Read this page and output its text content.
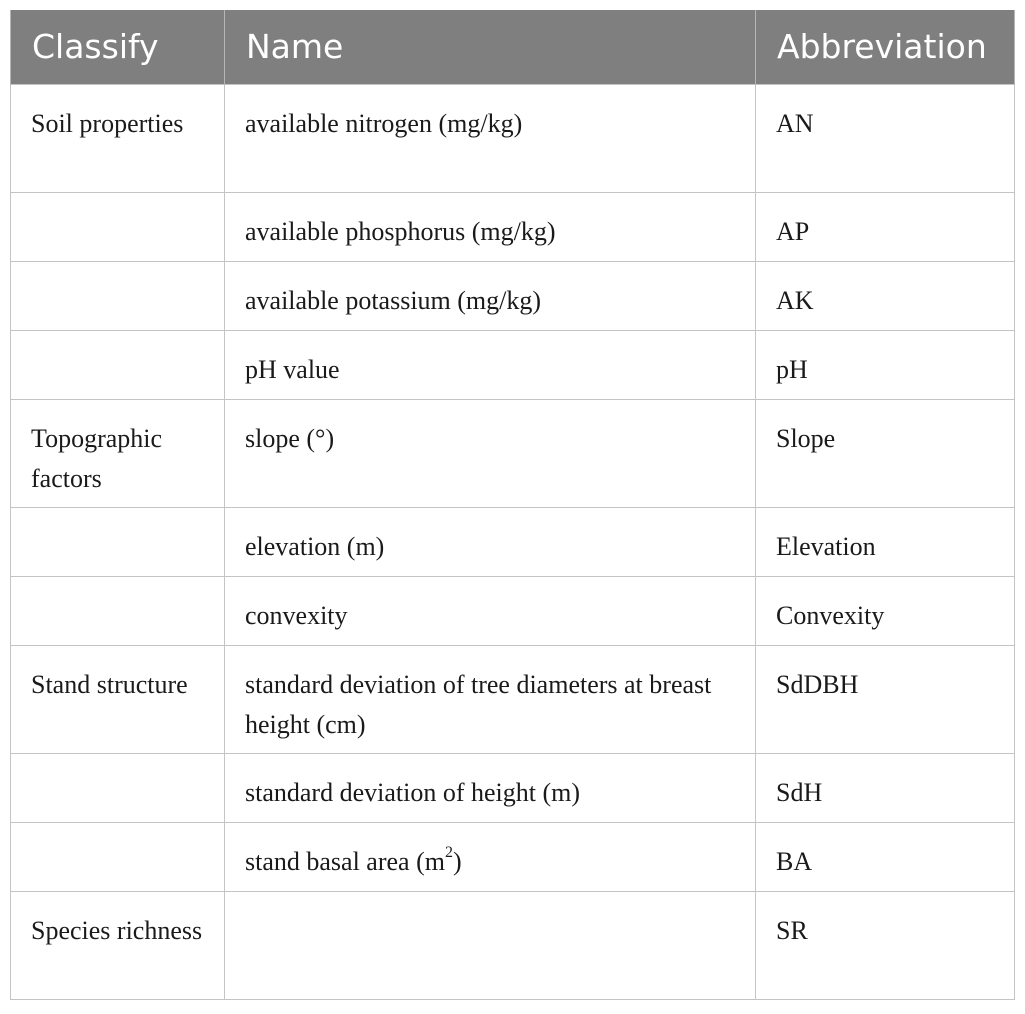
Classify	Name	Abbreviation
Soil properties	available nitrogen (mg/kg)	AN
	available phosphorus (mg/kg)	AP
	available potassium (mg/kg)	AK
	pH value	pH
Topographic factors	slope (°)	Slope
	elevation (m)	Elevation
	convexity	Convexity
Stand structure	standard deviation of tree diameters at breast height (cm)	SdDBH
	standard deviation of height (m)	SdH
	stand basal area $(m^2)$	BA
Species richness		SR
